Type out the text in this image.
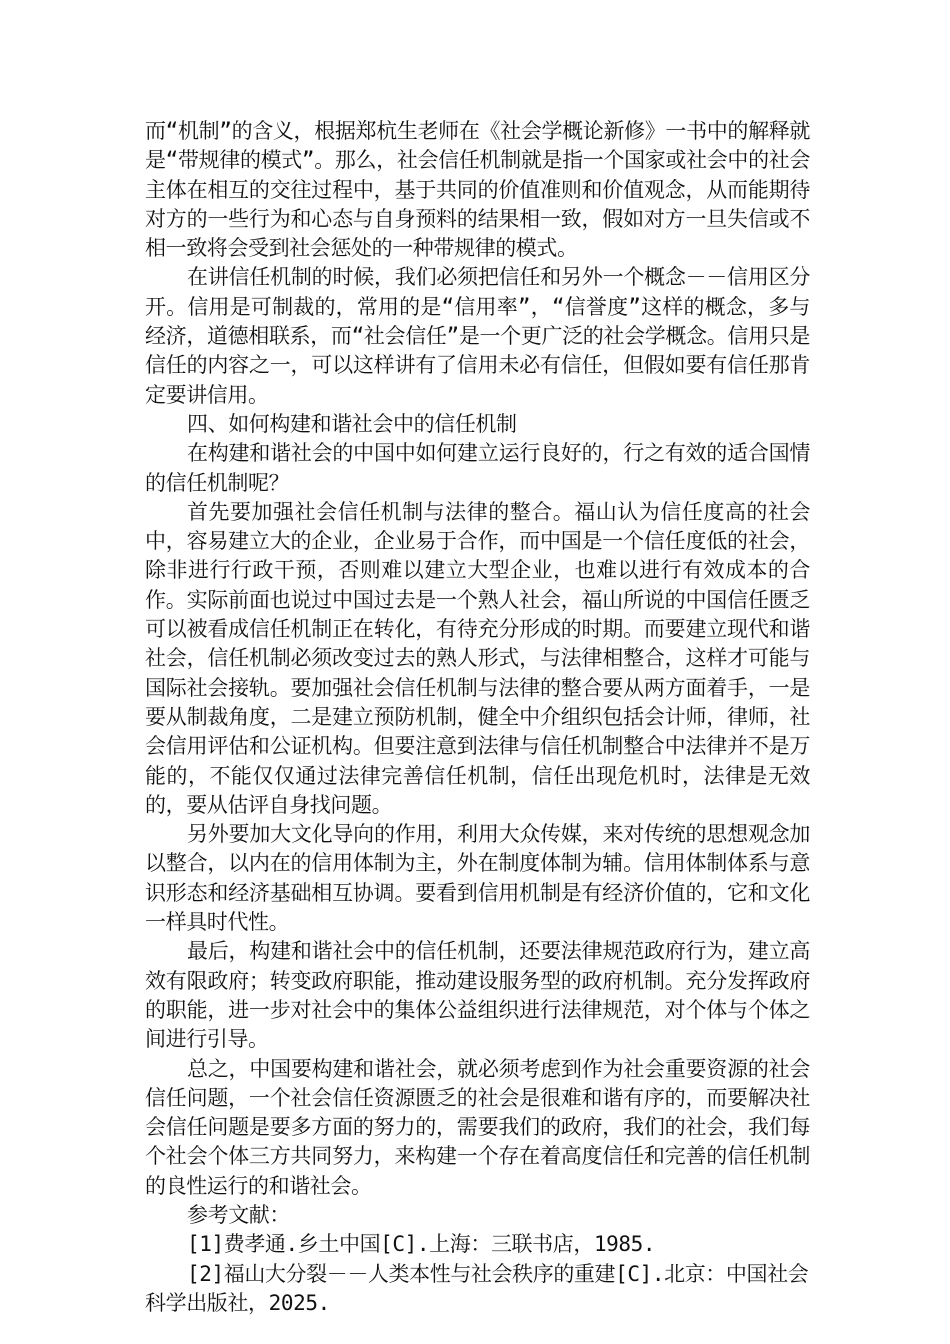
而“机制”的含义，根据郑杭生老师在《社会学概论新修》一书中的解释就是“带规律的模式”。那么，社会信任机制就是指一个国家或社会中的社会主体在相互的交往过程中，基于共同的价值准则和价值观念，从而能期待对方的一些行为和心态与自身预料的结果相一致，假如对方一旦失信或不相一致将会受到社会惩处的一种带规律的模式。

在讲信任机制的时候，我们必须把信任和另外一个概念－－信用区分开。信用是可制裁的，常用的是“信用率”，“信誉度”这样的概念，多与经济，道德相联系，而“社会信任”是一个更广泛的社会学概念。信用只是信任的内容之一，可以这样讲有了信用未必有信任，但假如要有信任那肯定要讲信用。

四、如何构建和谐社会中的信任机制

在构建和谐社会的中国中如何建立运行良好的，行之有效的适合国情的信任机制呢？

首先要加强社会信任机制与法律的整合。福山认为信任度高的社会中，容易建立大的企业，企业易于合作，而中国是一个信任度低的社会，除非进行行政干预，否则难以建立大型企业，也难以进行有效成本的合作。实际前面也说过中国过去是一个熟人社会，福山所说的中国信任匮乏可以被看成信任机制正在转化，有待充分形成的时期。而要建立现代和谐社会，信任机制必须改变过去的熟人形式，与法律相整合，这样才可能与国际社会接轨。要加强社会信任机制与法律的整合要从两方面着手，一是要从制裁角度，二是建立预防机制，健全中介组织包括会计师，律师，社会信用评估和公证机构。但要注意到法律与信任机制整合中法律并不是万能的，不能仅仅通过法律完善信任机制，信任出现危机时，法律是无效的，要从估评自身找问题。

另外要加大文化导向的作用，利用大众传媒，来对传统的思想观念加以整合，以内在的信用体制为主，外在制度体制为辅。信用体制体系与意识形态和经济基础相互协调。要看到信用机制是有经济价值的，它和文化一样具时代性。

最后，构建和谐社会中的信任机制，还要法律规范政府行为，建立高效有限政府；转变政府职能，推动建设服务型的政府机制。充分发挥政府的职能，进一步对社会中的集体公益组织进行法律规范，对个体与个体之间进行引导。

总之，中国要构建和谐社会，就必须考虑到作为社会重要资源的社会信任问题，一个社会信任资源匮乏的社会是很难和谐有序的，而要解决社会信任问题是要多方面的努力的，需要我们的政府，我们的社会，我们每个社会个体三方共同努力，来构建一个存在着高度信任和完善的信任机制的良性运行的和谐社会。

参考文献：

[1]费孝通.乡土中国[C].上海：三联书店，1985.

[2]福山大分裂－－人类本性与社会秩序的重建[C].北京：中国社会科学出版社，2025.
